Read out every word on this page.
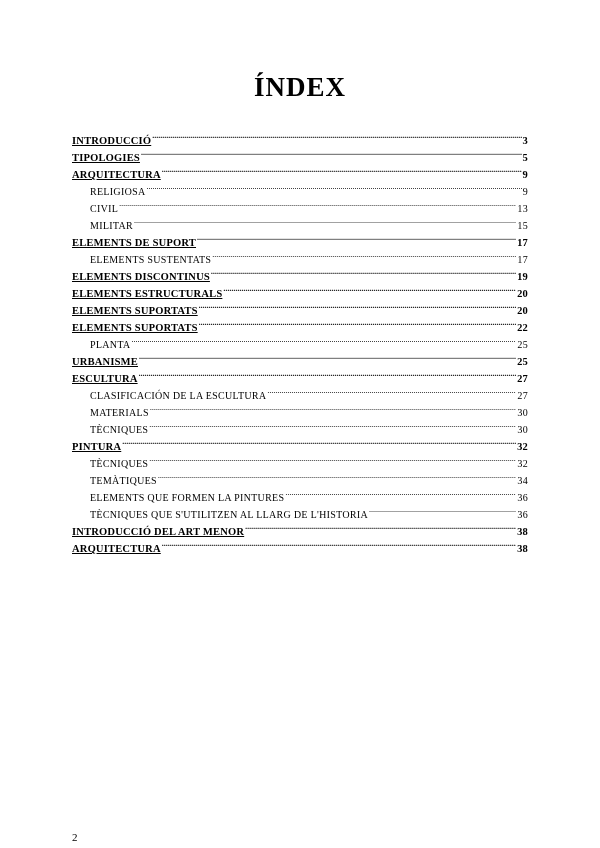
ÍNDEX
INTRODUCCIÓ .....	3
TIPOLOGIES .....	5
ARQUITECTURA .....	9
RELIGIOSA .....	9
CIVIL .....	13
MILITAR .....	15
ELEMENTS DE SUPORT .....	17
ELEMENTS SUSTENTATS .....	17
ELEMENTS DISCONTINUS .....	19
ELEMENTS ESTRUCTURALS .....	20
ELEMENTS SUPORTATS .....	20
ELEMENTS SUPORTATS .....	22
PLANTA .....	25
URBANISME .....	25
ESCULTURA .....	27
CLASIFICACIÓN DE LA ESCULTURA .....	27
MATERIALS .....	30
TÈCNIQUES .....	30
PINTURA .....	32
TÈCNIQUES .....	32
TEMÀTIQUES .....	34
ELEMENTS QUE FORMEN LA PINTURES .....	36
TÈCNIQUES QUE S'UTILITZEN AL LLARG DE L'HISTORIA .....	36
INTRODUCCIÓ DEL ART MENOR .....	38
ARQUITECTURA .....	38
2
